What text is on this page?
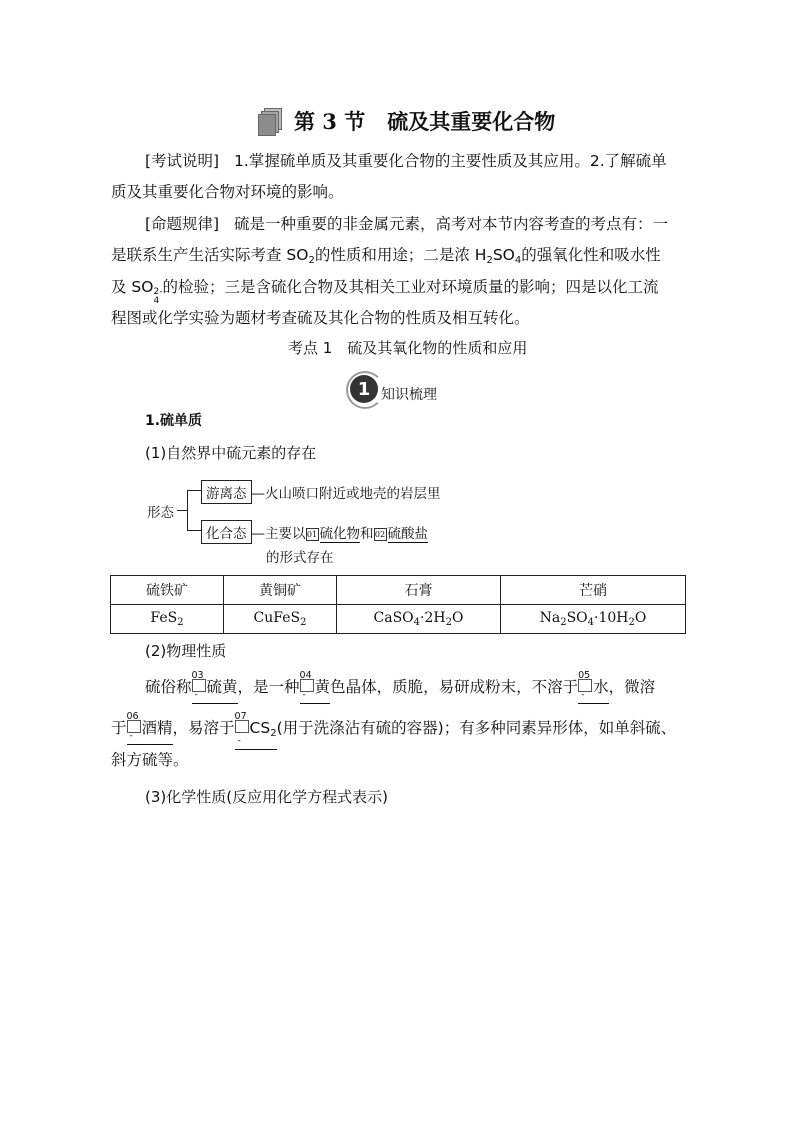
第 3 节 硫及其重要化合物
[考试说明] 1.掌握硫单质及其重要化合物的主要性质及其应用。2.了解硫单
质及其重要化合物对环境的影响。
[命题规律] 硫是一种重要的非金属元素，高考对本节内容考查的考点有：一
是联系生产生活实际考查 $SO_2$的性质和用途；二是浓 $H_2SO_4$的强氧化性和吸水性
及 SO 2-
4
的检验；三是含硫化合物及其相关工业对环境质量的影响；四是以化工流
程图或化学实验为题材考查硫及其化合物的性质及相互转化。
考点 1　硫及其氧化物的性质和应用
1 知识梳理
1.硫单质
(1)自然界中硫元素的存在
形态
游离态 —火山喷口附近或地壳的岩层里
化合态 —主要以01 硫化物和02 硫酸盐
的形式存在
硫铁矿	黄铜矿	石膏	芒硝
FeS$_2$	CuFeS$_2$	$CaSO_4\cdot 2H_2O$	$Na_2SO_4\cdot 10H_2O$
(2)物理性质
硫俗称
03
硫黄
-	，是一种
04
黄
- 色晶体，质脆，易研成粉末，不溶于
05
水
- ，微溶
于
06
酒精
-	，易溶于
07
$CS_2$
-
(用于洗涤沾有硫的容器)；有多种同素异形体，如单斜硫、
斜方硫等。
(3)化学性质(反应用化学方程式表示)
